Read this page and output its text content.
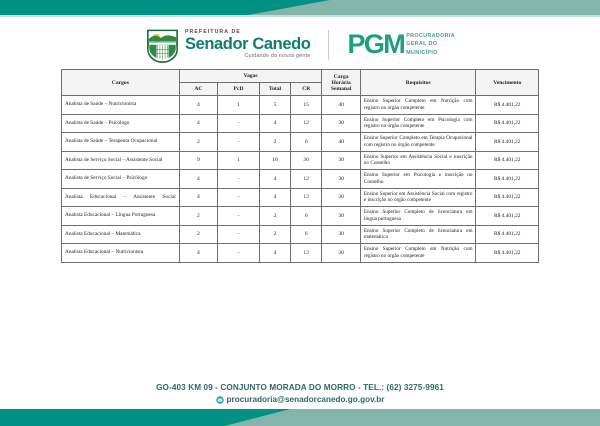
PREFEITURA DE
Senador Canedo
Cuidando da nossa gente PGM PROCURADORIA
GERAL DO
MUNICÍPIO
Cargos	Vagas				Carga Horária Semanal	Requisitos	Vencimento
	AC	PcD	Total	CR			
Analista de Saúde – Nutricionista	4	1	5	15	40	Ensino Superior Completo em Nutrição com registro no órgão competente	R$ 4.401,22
Analista de Saúde – Psicólogo	4	-	4	12	30	Ensino Superior Completo em Psicologia com registro no órgão competente	R$ 4.401,22
Analista de Saúde – Terapeuta Ocupacional	2	-	2	6	40	Ensino Superior Completo em Terapia Ocupacional com registro no órgão competente	R$ 4.401,22
Analista de Serviço Social – Assistente Social	9	1	10	30	30	Ensino Superior em Assistência Social e inscrição no Conselho	R$ 4.401,22
Analista de Serviço Social – Psicólogo	4	-	4	12	30	Ensino Superior em Psicologia e inscrição no Conselho	R$ 4.401,22
Analista Educacional – Assistente Social	4	-	4	12	30	Ensino Superior em Assistência Social com registro e inscrição no órgão competente	R$ 4.401,22
Analista Educacional – Língua Portuguesa	2	-	2	6	30	Ensino Superior Completo de licenciatura em língua portuguesa	R$ 4.401,22
Analista Educacional – Matemática	2	-	2	6	30	Ensino Superior Completo de licenciatura em matemática	R$ 4.401,22
Analista Educacional – Nutricionista	4	-	4	12	30	Ensino Superior Completo em Nutrição com registro no órgão competente	R$ 4.401,22
GO-403 KM 09 - CONJUNTO MORADA DO MORRO - TEL.: (62) 3275-9961
procuradoria@senadorcanedo.go.gov.br
